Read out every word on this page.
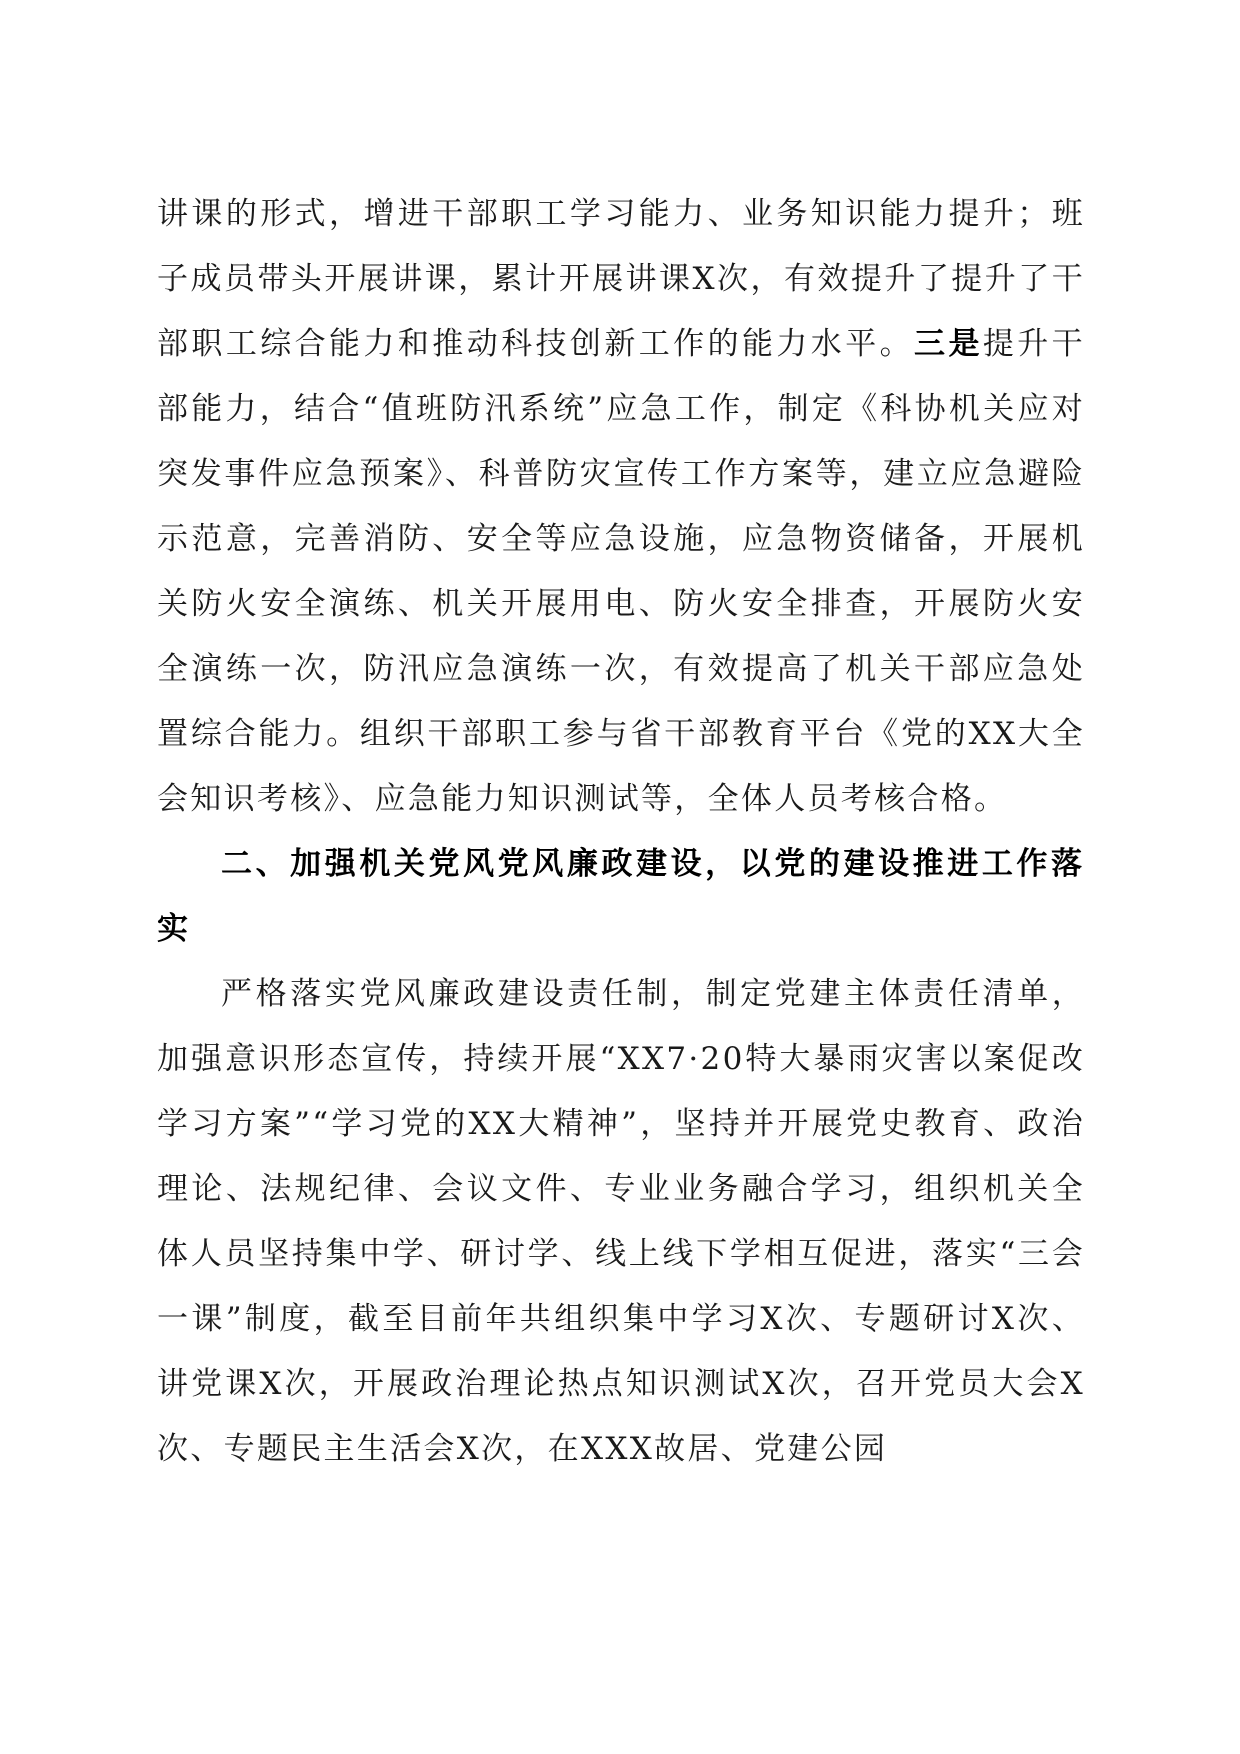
讲课的形式，增进干部职工学习能力、业务知识能力提升；班子成员带头开展讲课，累计开展讲课X次，有效提升了提升了干部职工综合能力和推动科技创新工作的能力水平。三是提升干部能力，结合“值班防汛系统”应急工作，制定《科协机关应对突发事件应急预案》、科普防灾宣传工作方案等，建立应急避险示范意，完善消防、安全等应急设施，应急物资储备，开展机关防火安全演练、机关开展用电、防火安全排查，开展防火安全演练一次，防汛应急演练一次，有效提高了机关干部应急处置综合能力。组织干部职工参与省干部教育平台《党的XX大全会知识考核》、应急能力知识测试等，全体人员考核合格。

二、加强机关党风党风廉政建设，以党的建设推进工作落实

严格落实党风廉政建设责任制，制定党建主体责任清单，加强意识形态宣传，持续开展“XX7·20特大暴雨灾害以案促改学习方案”“学习党的XX大精神”，坚持并开展党史教育、政治理论、法规纪律、会议文件、专业业务融合学习，组织机关全体人员坚持集中学、研讨学、线上线下学相互促进，落实“三会一课”制度，截至目前年共组织集中学习X次、专题研讨X次、讲党课X次，开展政治理论热点知识测试X次，召开党员大会X次、专题民主生活会X次，在XXX故居、党建公园
